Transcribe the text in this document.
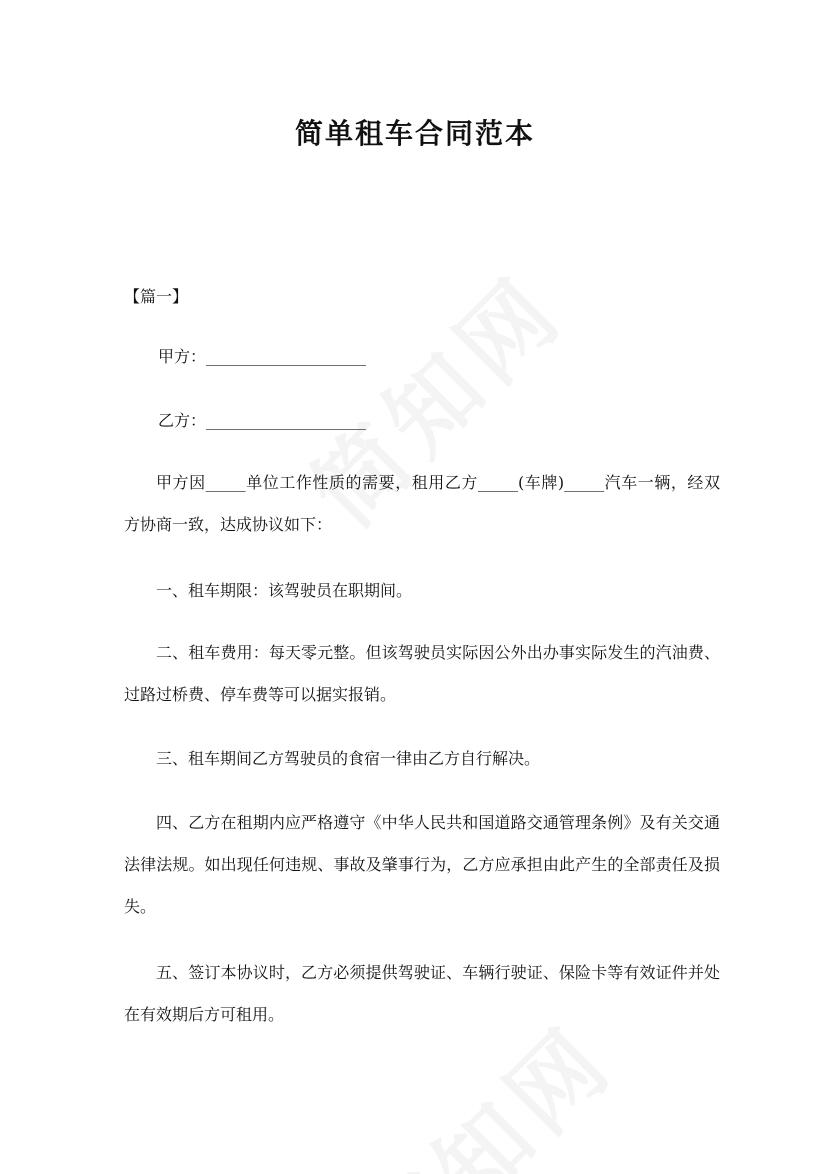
简单租车合同范本
【篇一】
甲方：____________________
乙方：____________________
甲方因_____单位工作性质的需要，租用乙方_____(车牌)_____汽车一辆，经双方协商一致，达成协议如下：
一、租车期限：该驾驶员在职期间。
二、租车费用：每天零元整。但该驾驶员实际因公外出办事实际发生的汽油费、过路过桥费、停车费等可以据实报销。
三、租车期间乙方驾驶员的食宿一律由乙方自行解决。
四、乙方在租期内应严格遵守《中华人民共和国道路交通管理条例》及有关交通法律法规。如出现任何违规、事故及肇事行为，乙方应承担由此产生的全部责任及损失。
五、签订本协议时，乙方必须提供驾驶证、车辆行驶证、保险卡等有效证件并处在有效期后方可租用。
